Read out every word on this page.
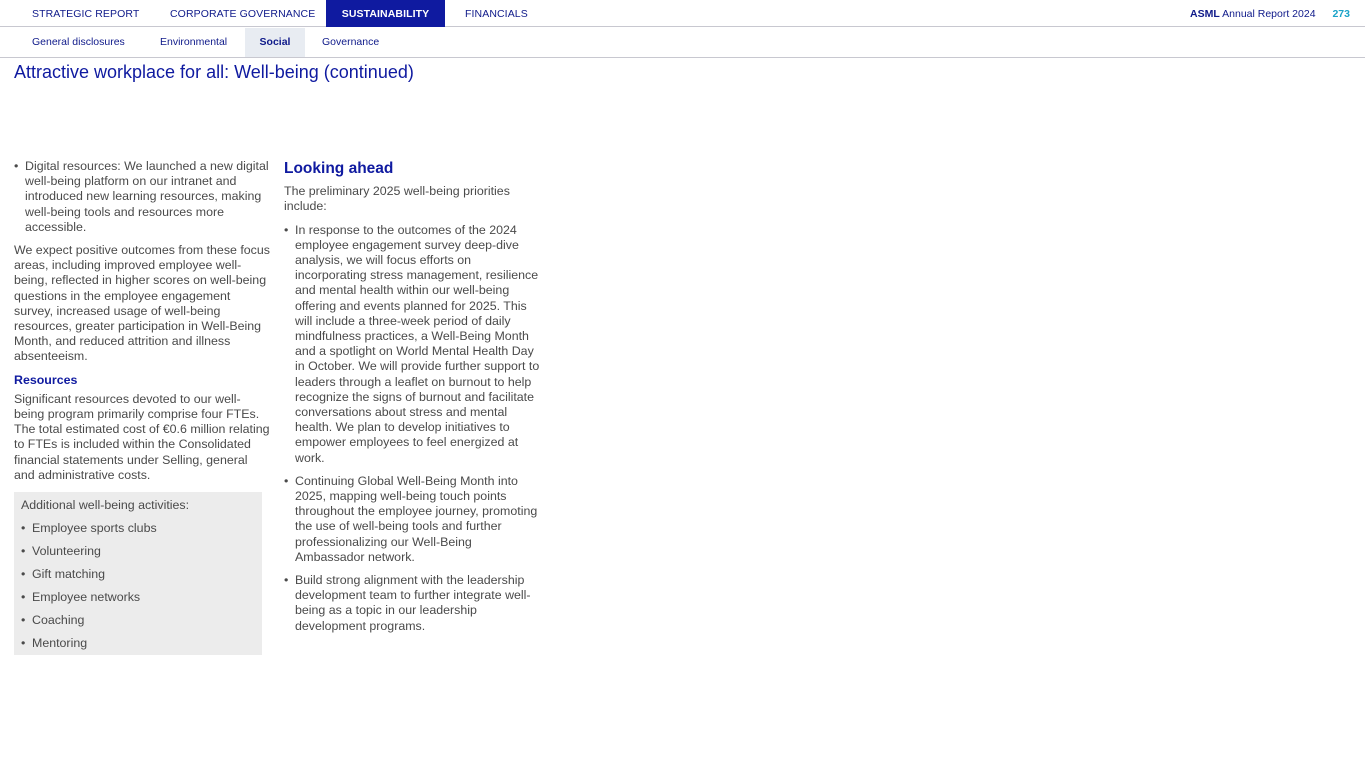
STRATEGIC REPORT	CORPORATE GOVERNANCE	SUSTAINABILITY	FINANCIALS	ASML Annual Report 2024 273
General disclosures	Environmental	Social	Governance
Attractive workplace for all: Well-being (continued)
• Digital resources: We launched a new digital well-being platform on our intranet and introduced new learning resources, making well-being tools and resources more accessible.

We expect positive outcomes from these focus areas, including improved employee well-being, reflected in higher scores on well-being questions in the employee engagement survey, increased usage of well-being resources, greater participation in Well-Being Month, and reduced attrition and illness absenteeism.

Resources

Significant resources devoted to our well-being program primarily comprise four FTEs. The total estimated cost of €0.6 million relating to FTEs is included within the Consolidated financial statements under Selling, general and administrative costs.

Additional well-being activities:
• Employee sports clubs
• Volunteering
• Gift matching
• Employee networks
• Coaching
• Mentoring
Looking ahead

The preliminary 2025 well-being priorities include:

• In response to the outcomes of the 2024 employee engagement survey deep-dive analysis, we will focus efforts on incorporating stress management, resilience and mental health within our well-being offering and events planned for 2025. This will include a three-week period of daily mindfulness practices, a Well-Being Month and a spotlight on World Mental Health Day in October. We will provide further support to leaders through a leaflet on burnout to help recognize the signs of burnout and facilitate conversations about stress and mental health. We plan to develop initiatives to empower employees to feel energized at work.
• Continuing Global Well-Being Month into 2025, mapping well-being touch points throughout the employee journey, promoting the use of well-being tools and further professionalizing our Well-Being Ambassador network.
• Build strong alignment with the leadership development team to further integrate well-being as a topic in our leadership development programs.
